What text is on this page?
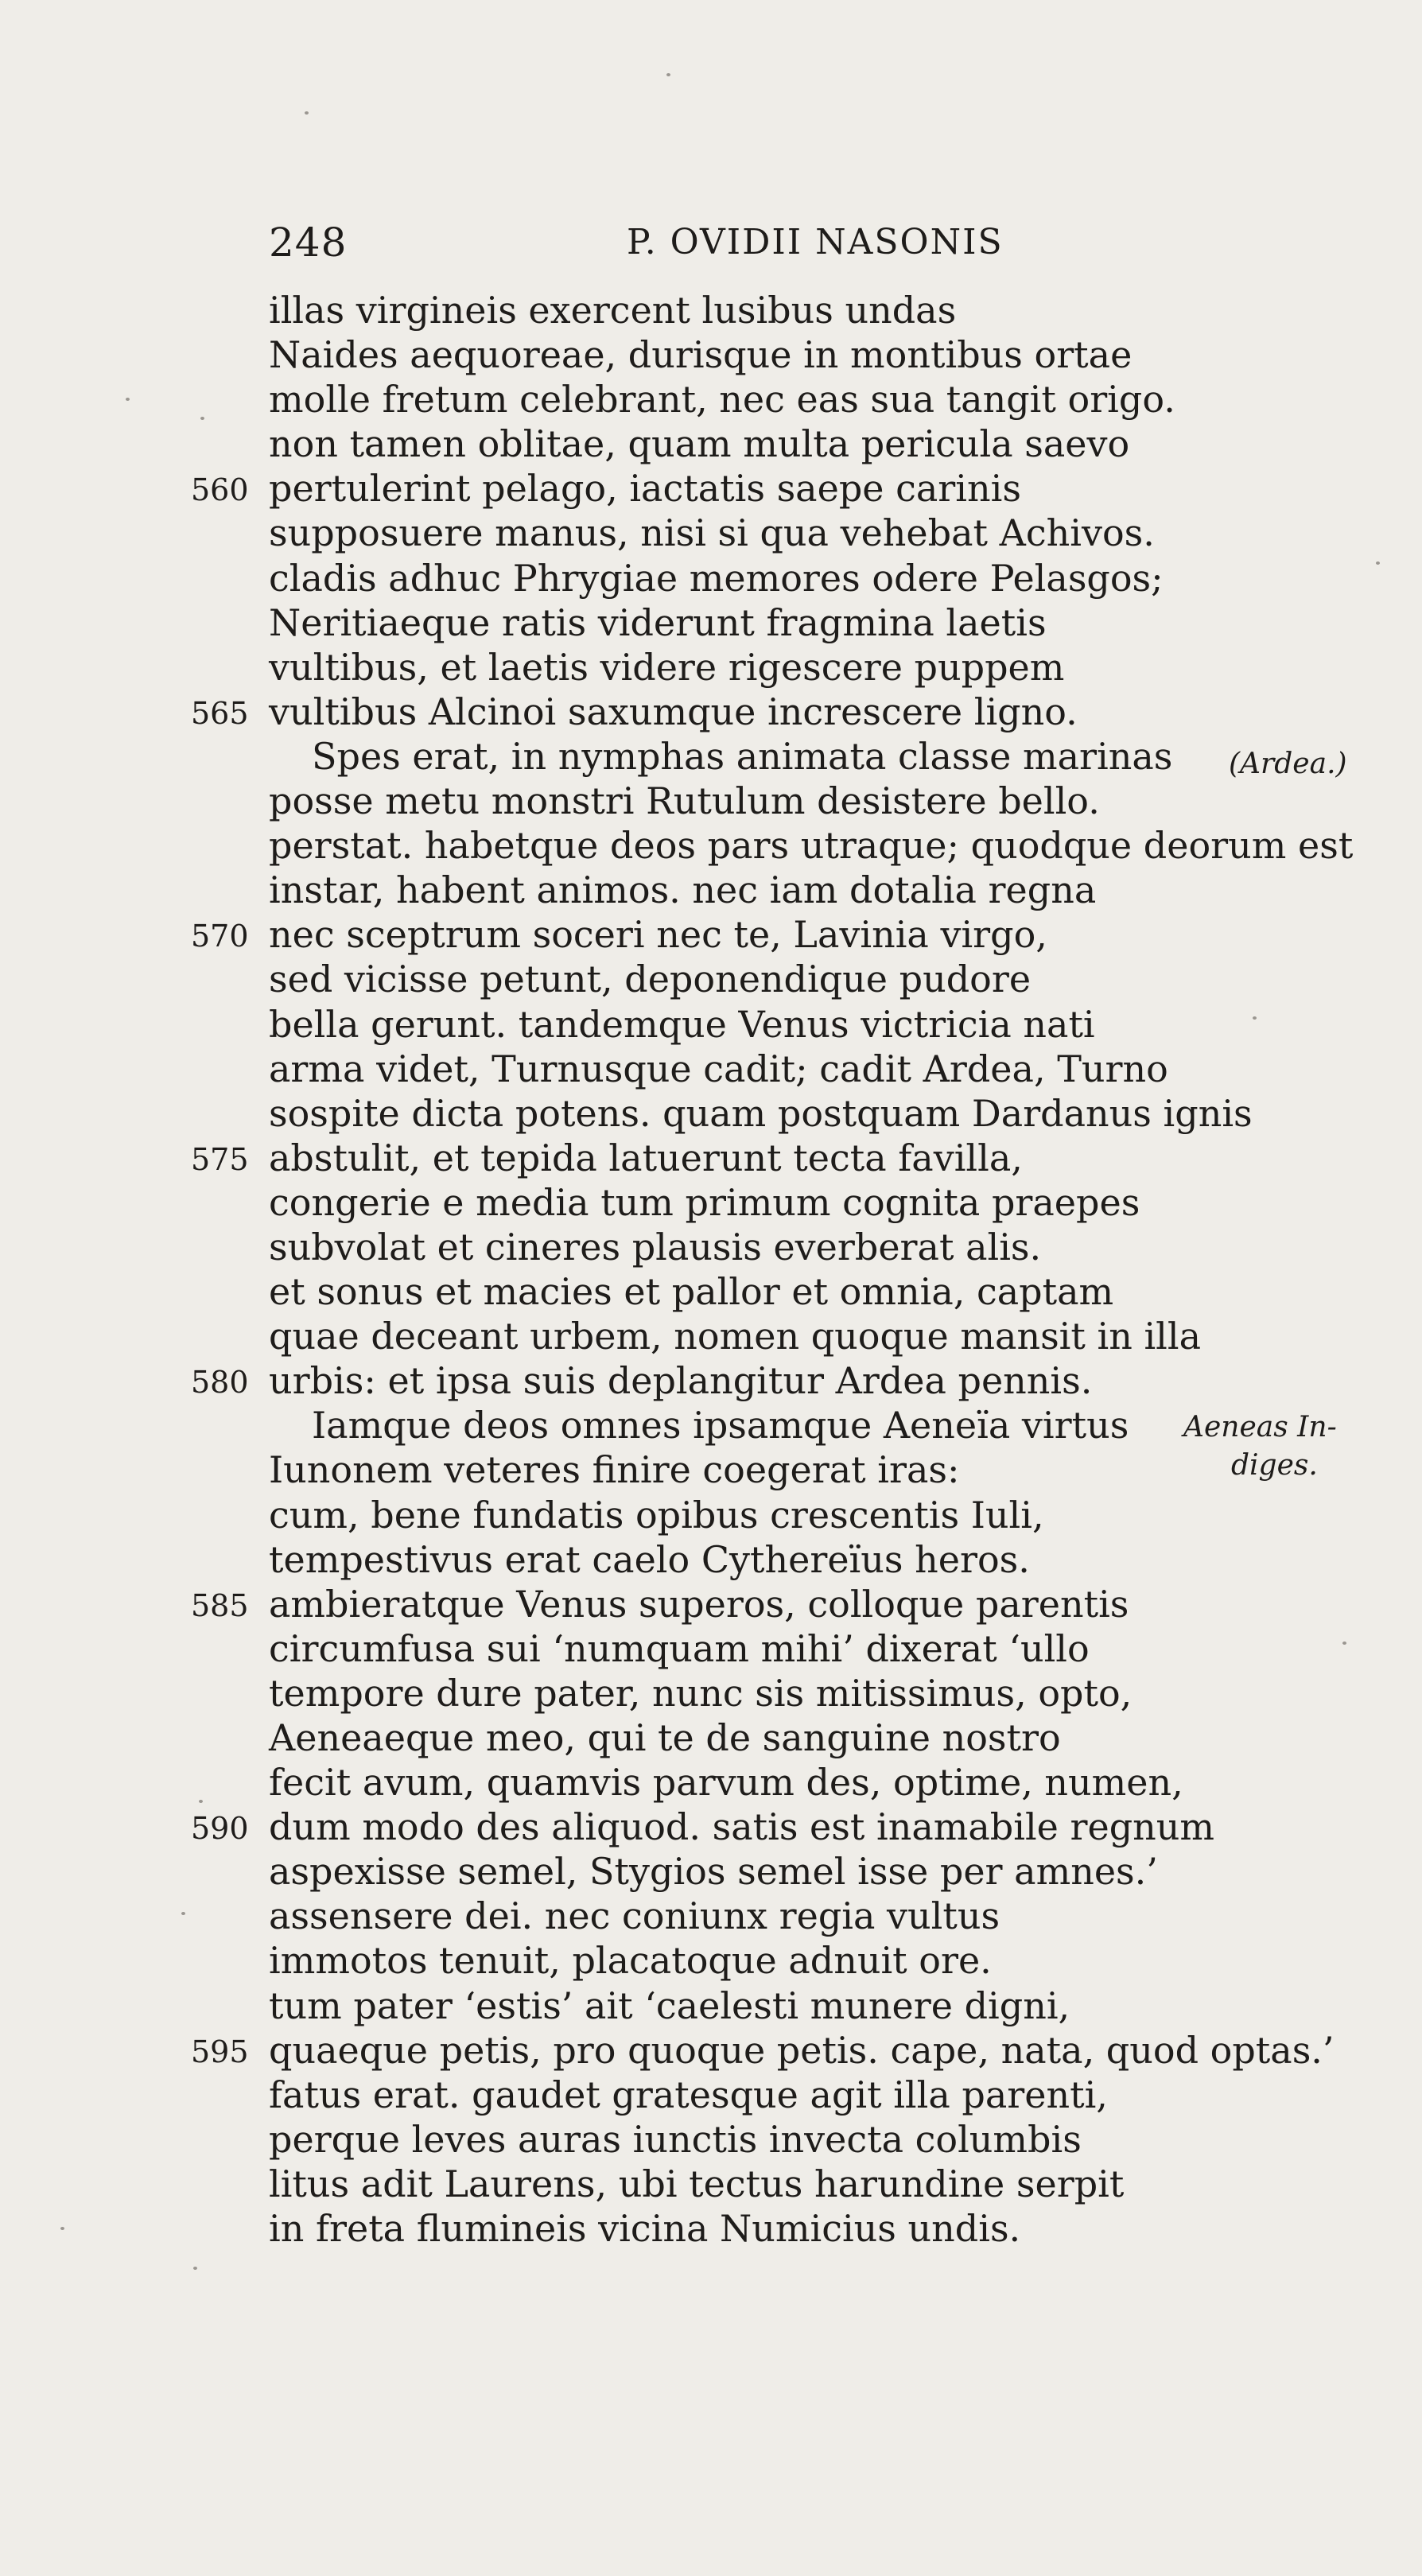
248	P. OVIDII NASONIS
illas virgineis exercent lusibus undas
Naides aequoreae, durisque in montibus ortae
molle fretum celebrant, nec eas sua tangit origo.
non tamen oblitae, quam multa pericula saevo
560 pertulerint pelago, iactatis saepe carinis
supposuere manus, nisi si qua vehebat Achivos.
cladis adhuc Phrygiae memores odere Pelasgos;
Neritiaeque ratis viderunt fragmina laetis
vultibus, et laetis videre rigescere puppem
565 vultibus Alcinoi saxumque increscere ligno.
Spes erat, in nymphas animata classe marinas
posse metu monstri Rutulum desistere bello.
perstat. habetque deos pars utraque; quodque deorum est
instar, habent animos. nec iam dotalia regna
570 nec sceptrum soceri nec te, Lavinia virgo,
sed vicisse petunt, deponendique pudore
bella gerunt. tandemque Venus victricia nati
arma videt, Turnusque cadit; cadit Ardea, Turno
sospite dicta potens. quam postquam Dardanus ignis
575 abstulit, et tepida latuerunt tecta favilla,
congerie e media tum primum cognita praepes
subvolat et cineres plausis everberat alis.
et sonus et macies et pallor et omnia, captam
quae deceant urbem, nomen quoque mansit in illa
580 urbis: et ipsa suis deplangitur Ardea pennis.
Iamque deos omnes ipsamque Aeneïa virtus
Iunonem veteres finire coegerat iras:
cum, bene fundatis opibus crescentis Iuli,
tempestivus erat caelo Cythereïus heros.
585 ambieratque Venus superos, colloque parentis
circumfusa sui ‘numquam mihi’ dixerat ‘ullo
tempore dure pater, nunc sis mitissimus, opto,
Aeneaeque meo, qui te de sanguine nostro
fecit avum, quamvis parvum des, optime, numen,
590 dum modo des aliquod. satis est inamabile regnum
aspexisse semel, Stygios semel isse per amnes.’
assensere dei. nec coniunx regia vultus
immotos tenuit, placatoque adnuit ore.
tum pater ‘estis’ ait ‘caelesti munere digni,
595 quaeque petis, pro quoque petis. cape, nata, quod optas.’
fatus erat. gaudet gratesque agit illa parenti,
perque leves auras iunctis invecta columbis
litus adit Laurens, ubi tectus harundine serpit
in freta flumineis vicina Numicius undis.
(Ardea.)
Aeneas In-
diges.
